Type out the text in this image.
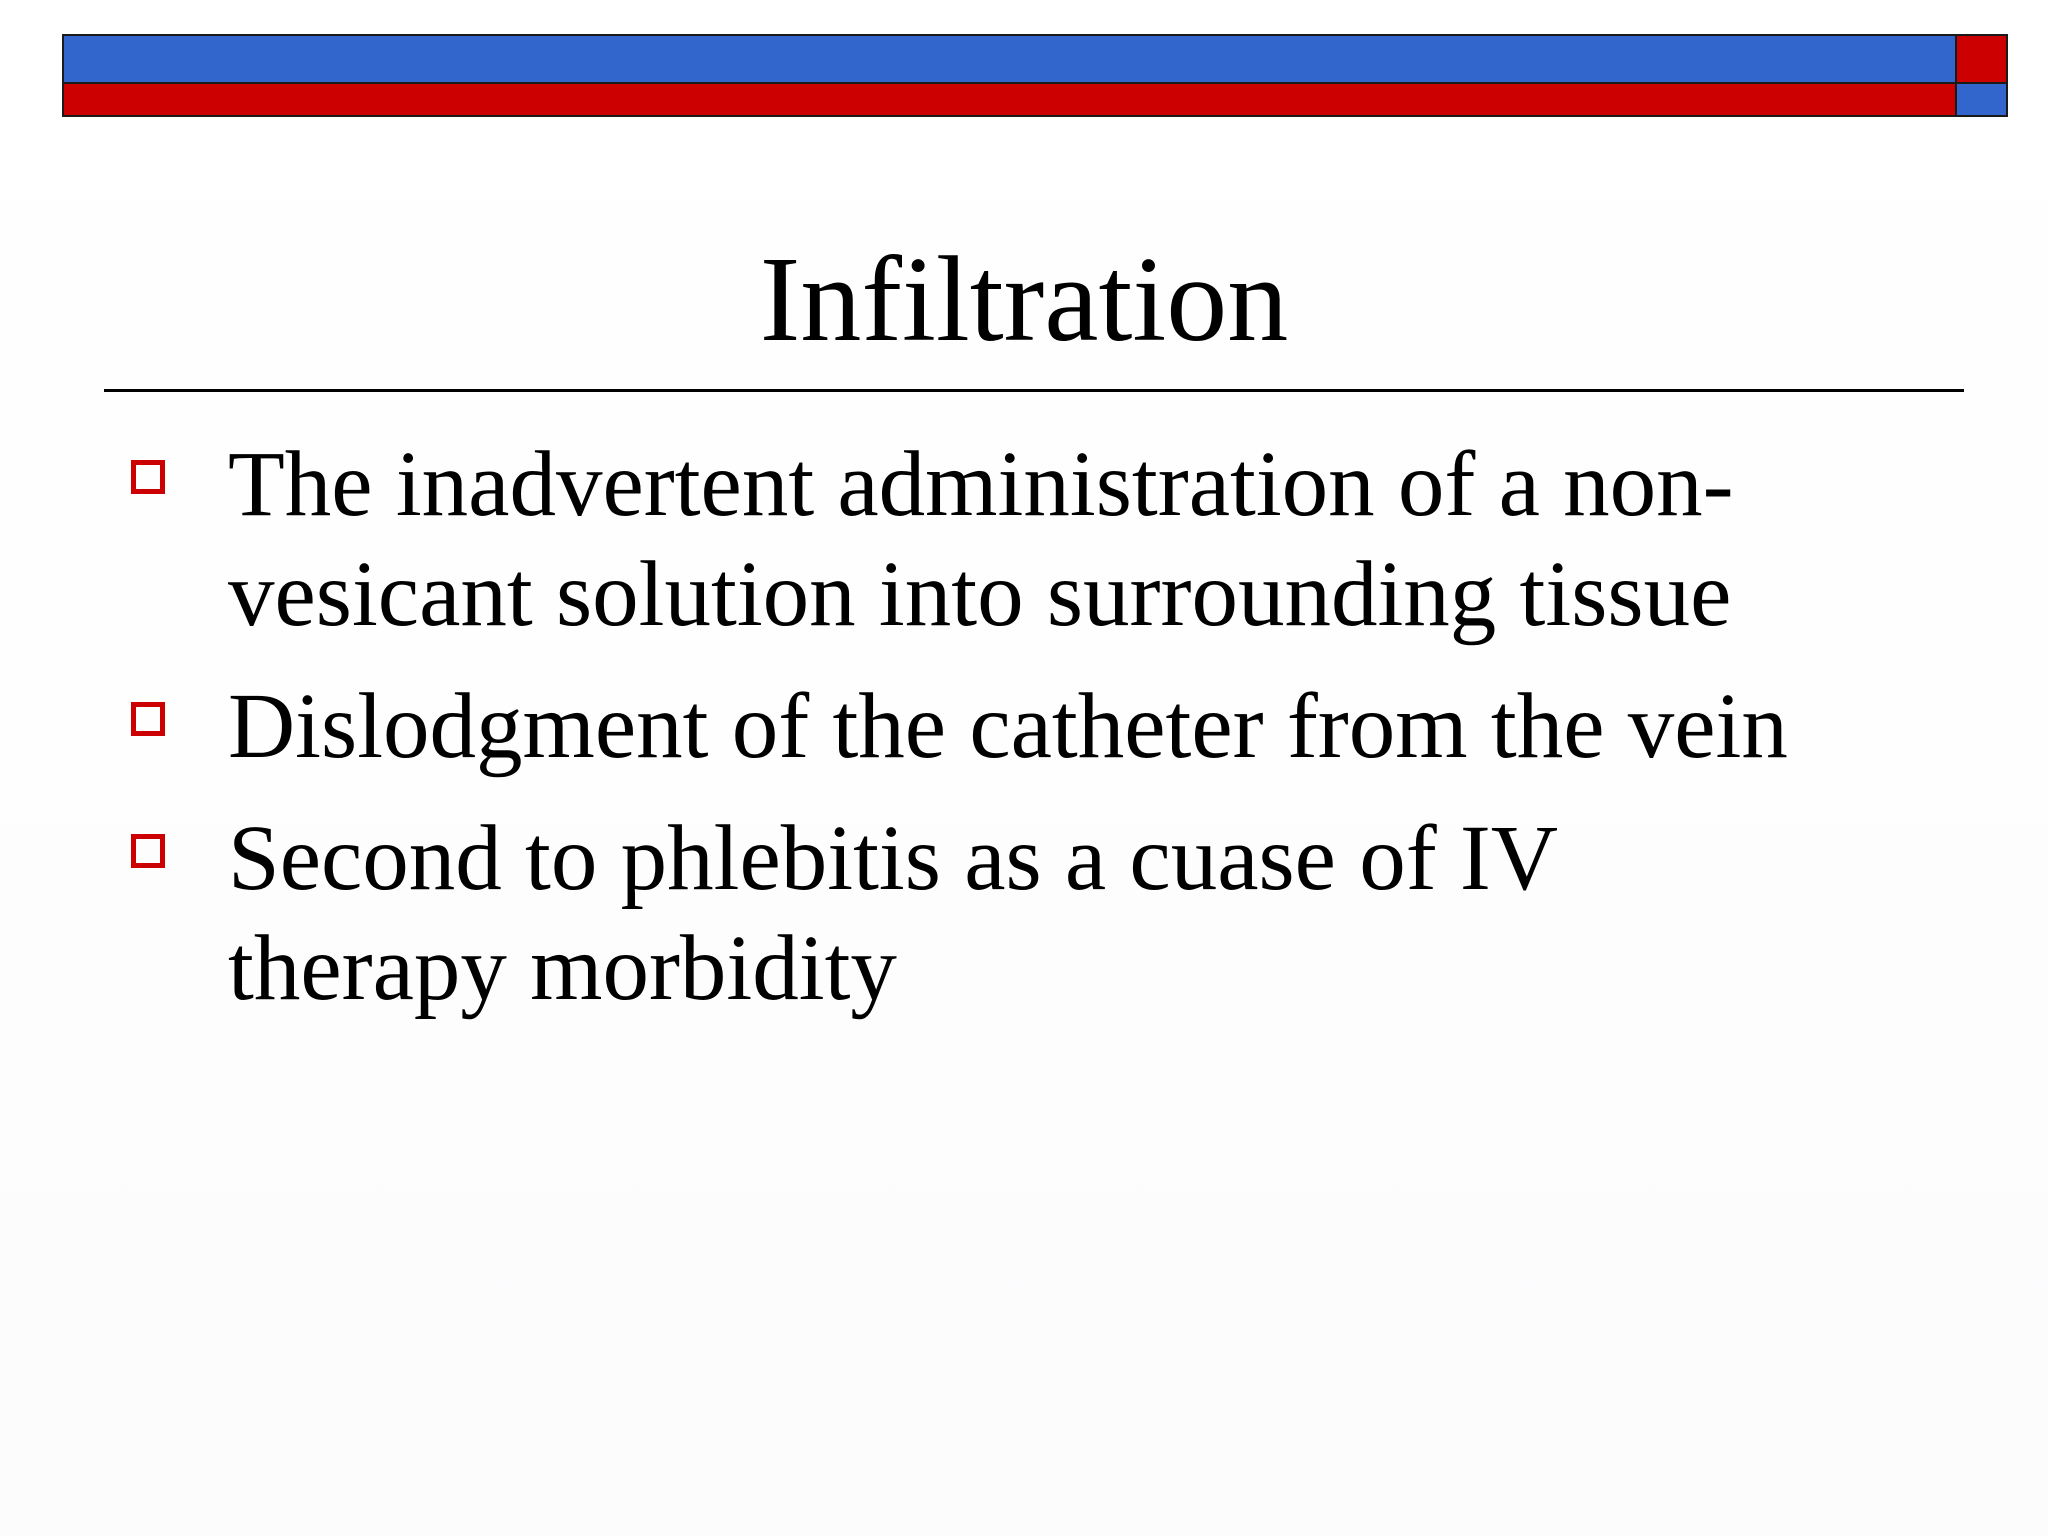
Infiltration
The inadvertent administration of a non-vesicant solution into surrounding tissue
Dislodgment of the catheter from the vein
Second to phlebitis as a cuase of IV therapy morbidity
